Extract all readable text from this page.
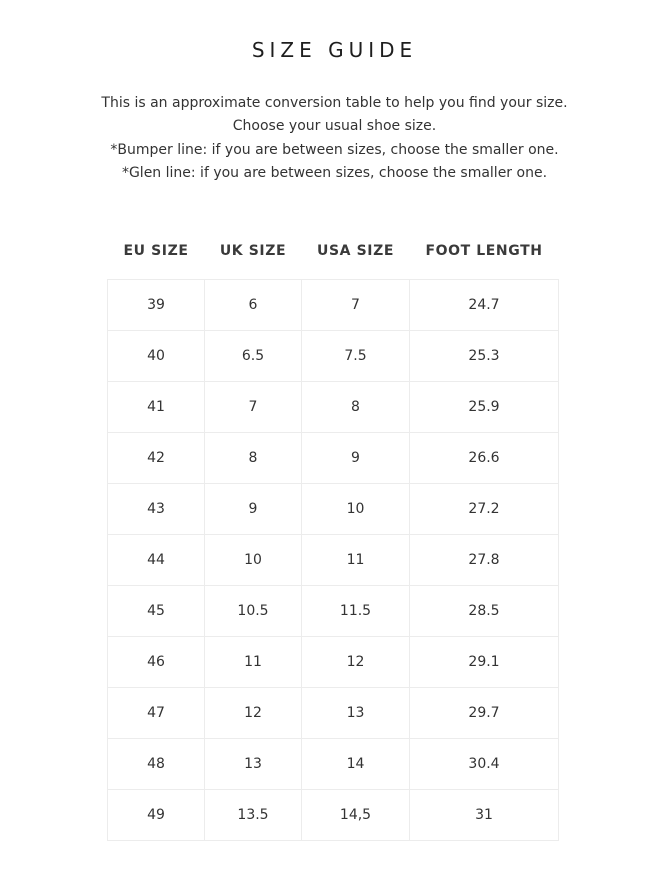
SIZE GUIDE
This is an approximate conversion table to help you find your size.
Choose your usual shoe size.
*Bumper line: if you are between sizes, choose the smaller one.
*Glen line: if you are between sizes, choose the smaller one.
EU SIZE	UK SIZE	USA SIZE	FOOT LENGTH

39	6	7	24.7
40	6.5	7.5	25.3
41	7	8	25.9
42	8	9	26.6
43	9	10	27.2
44	10	11	27.8
45	10.5	11.5	28.5
46	11	12	29.1
47	12	13	29.7
48	13	14	30.4
49	13.5	14,5	31
